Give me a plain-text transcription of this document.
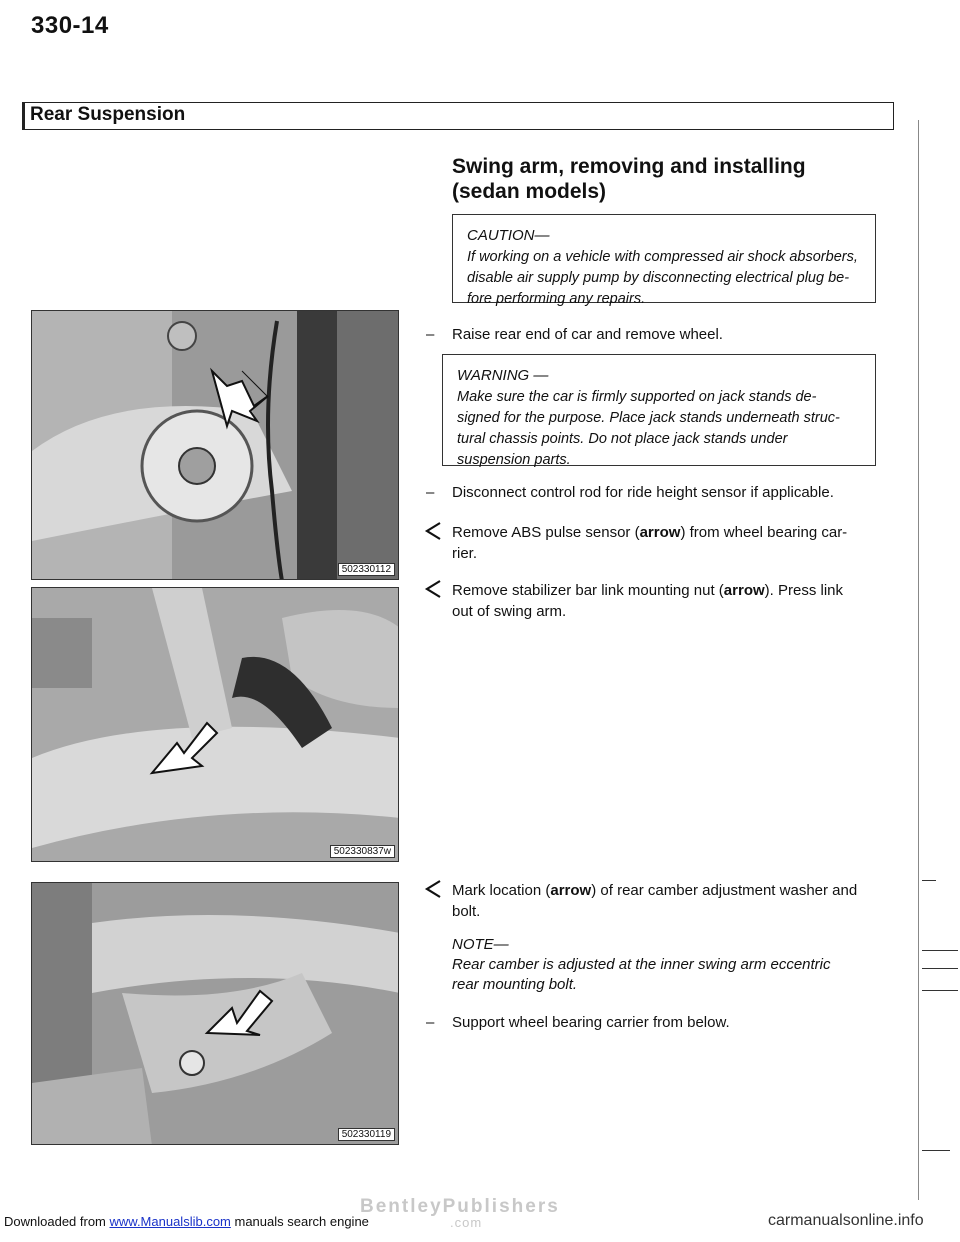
330-14
Rear Suspension
Swing arm, removing and installing
(sedan models)
CAUTION—
If working on a vehicle with compressed air shock absorbers,
disable air supply pump by disconnecting electrical plug be-
fore performing any repairs.
– Raise rear end of car and remove wheel.
WARNING —
Make sure the car is firmly supported on jack stands de-
signed for the purpose. Place jack stands underneath struc-
tural chassis points. Do not place jack stands under
suspension parts.
– Disconnect control rod for ride height sensor if applicable.
Remove ABS pulse sensor (arrow) from wheel bearing car-
rier.
Remove stabilizer bar link mounting nut (arrow). Press link
out of swing arm.
Mark location (arrow) of rear camber adjustment washer and
bolt.
NOTE—
Rear camber is adjusted at the inner swing arm eccentric
rear mounting bolt.
– Support wheel bearing carrier from below.
502330112
502330837w
502330119
BentleyPublishers
.com
Downloaded from www.Manualslib.com manuals search engine	carmanualsonline.info
